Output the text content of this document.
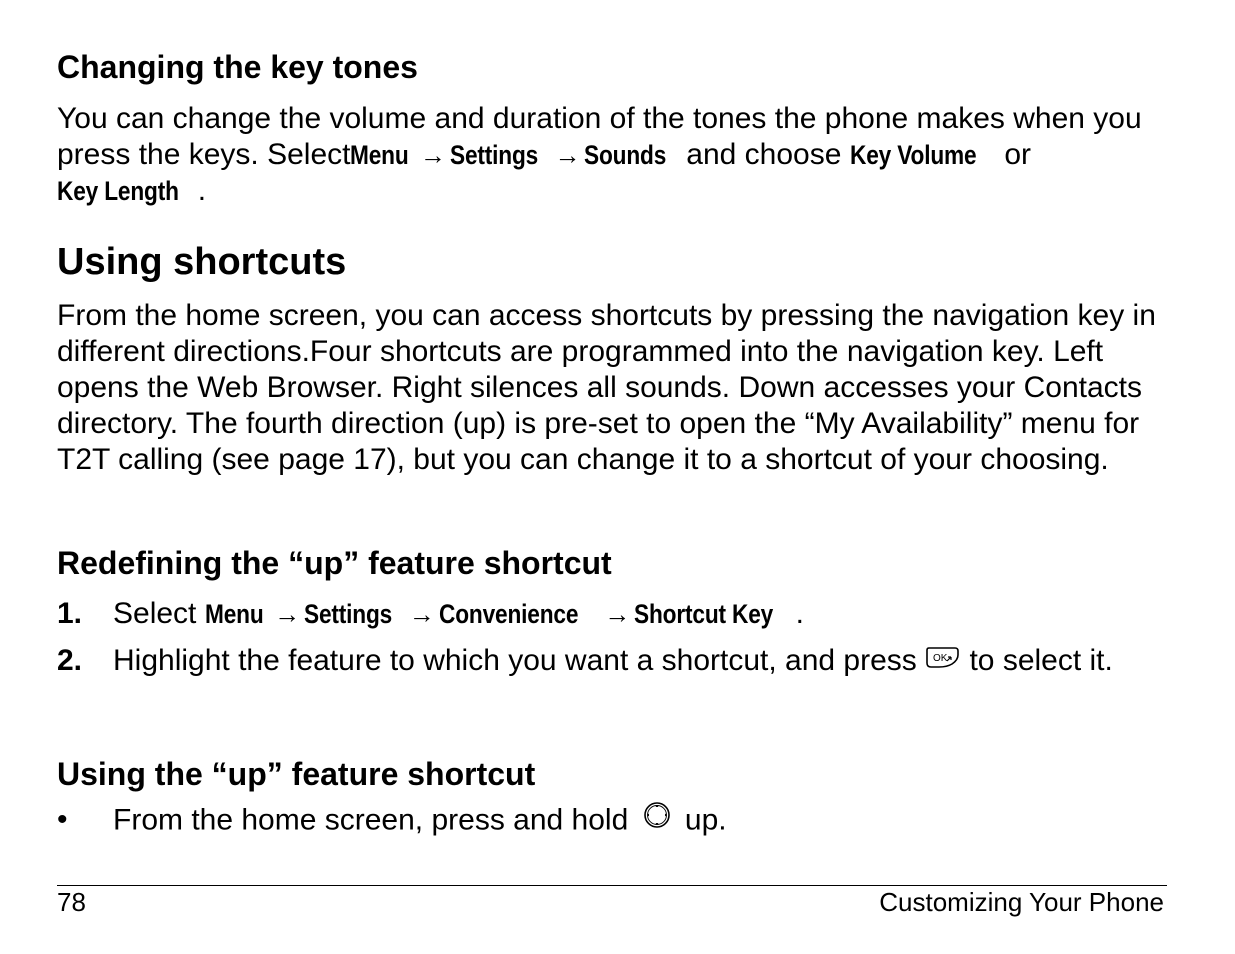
Changing the key tones

You can change the volume and duration of the tones the phone makes when you press the keys. SelectMenu → Settings → Sounds and choose Key Volume or Key Length .

Using shortcuts

From the home screen, you can access shortcuts by pressing the navigation key in different directions.Four shortcuts are programmed into the navigation key. Left opens the Web Browser. Right silences all sounds. Down accesses your Contacts directory. The fourth direction (up) is pre-set to open the “My Availability” menu for T2T calling (see page 17), but you can change it to a shortcut of your choosing.

Redefining the “up” feature shortcut
1. Select Menu → Settings → Convenience → Shortcut Key .
2. Highlight the feature to which you want a shortcut, and press OK to select it.
Using the “up” feature shortcut
• From the home screen, press and hold  up.
78	Customizing Your Phone
